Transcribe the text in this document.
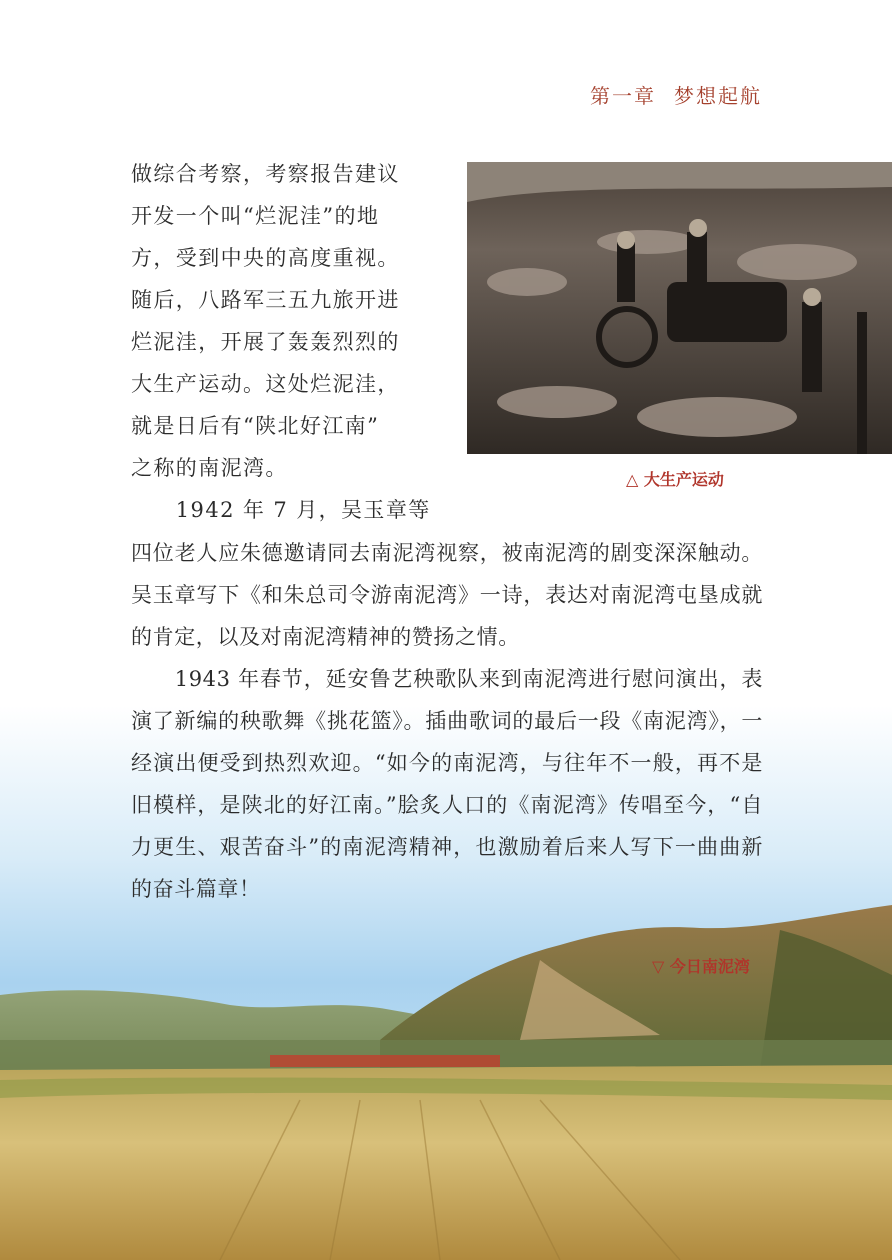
第一章 梦想起航
△ 大生产运动

做综合考察，考察报告建议

开发一个叫“烂泥洼”的地

方，受到中央的高度重视。

随后，八路军三五九旅开进

烂泥洼，开展了轰轰烈烈的

大生产运动。这处烂泥洼，

就是日后有“陕北好江南”

之称的南泥湾。

　　1942 年 7 月，吴玉章等

四位老人应朱德邀请同去南泥湾视察，被南泥湾的剧变深深触动。吴玉章写下《和朱总司令游南泥湾》一诗，表达对南泥湾屯垦成就的肯定，以及对南泥湾精神的赞扬之情。

　　1943 年春节，延安鲁艺秧歌队来到南泥湾进行慰问演出，表演了新编的秧歌舞《挑花篮》。插曲歌词的最后一段《南泥湾》，一经演出便受到热烈欢迎。“如今的南泥湾，与往年不一般，再不是旧模样，是陕北的好江南。”脍炙人口的《南泥湾》传唱至今，“自力更生、艰苦奋斗”的南泥湾精神，也激励着后来人写下一曲曲新的奋斗篇章！

▽ 今日南泥湾
